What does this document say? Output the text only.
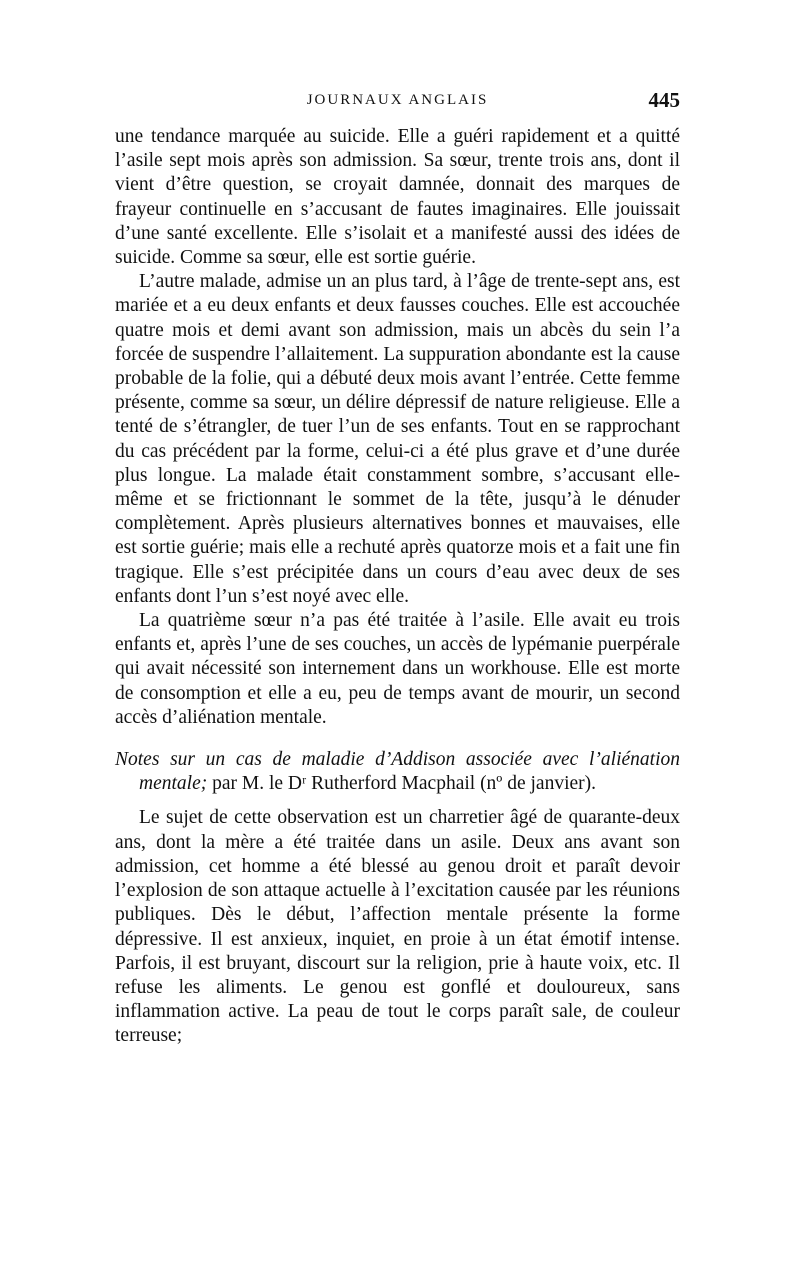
JOURNAUX ANGLAIS	445

une tendance marquée au suicide. Elle a guéri rapidement et a quitté l’asile sept mois après son admission. Sa sœur, trente trois ans, dont il vient d’être question, se croyait damnée, donnait des marques de frayeur continuelle en s’accusant de fautes imaginaires. Elle jouissait d’une santé excellente. Elle s’isolait et a manifesté aussi des idées de suicide. Comme sa sœur, elle est sortie guérie.

L’autre malade, admise un an plus tard, à l’âge de trente-sept ans, est mariée et a eu deux enfants et deux fausses couches. Elle est accouchée quatre mois et demi avant son admission, mais un abcès du sein l’a forcée de suspendre l’allaitement. La suppuration abondante est la cause probable de la folie, qui a débuté deux mois avant l’entrée. Cette femme présente, comme sa sœur, un délire dépressif de nature religieuse. Elle a tenté de s’étrangler, de tuer l’un de ses enfants. Tout en se rapprochant du cas précédent par la forme, celui-ci a été plus grave et d’une durée plus longue. La malade était constamment sombre, s’accusant elle-même et se frictionnant le sommet de la tête, jusqu’à le dénuder complètement. Après plusieurs alternatives bonnes et mauvaises, elle est sortie guérie; mais elle a rechuté après quatorze mois et a fait une fin tragique. Elle s’est précipitée dans un cours d’eau avec deux de ses enfants dont l’un s’est noyé avec elle.

La quatrième sœur n’a pas été traitée à l’asile. Elle avait eu trois enfants et, après l’une de ses couches, un accès de lypémanie puerpérale qui avait nécessité son internement dans un workhouse. Elle est morte de consomption et elle a eu, peu de temps avant de mourir, un second accès d’aliénation mentale.

Notes sur un cas de maladie d’Addison associée avec l’aliénation mentale; par M. le Dʳ Rutherford Macphail (nº de janvier).

Le sujet de cette observation est un charretier âgé de quarante-deux ans, dont la mère a été traitée dans un asile. Deux ans avant son admission, cet homme a été blessé au genou droit et paraît devoir l’explosion de son attaque actuelle à l’excitation causée par les réunions publiques. Dès le début, l’affection mentale présente la forme dépressive. Il est anxieux, inquiet, en proie à un état émotif intense. Parfois, il est bruyant, discourt sur la religion, prie à haute voix, etc. Il refuse les aliments. Le genou est gonflé et douloureux, sans inflammation active. La peau de tout le corps paraît sale, de couleur terreuse;
